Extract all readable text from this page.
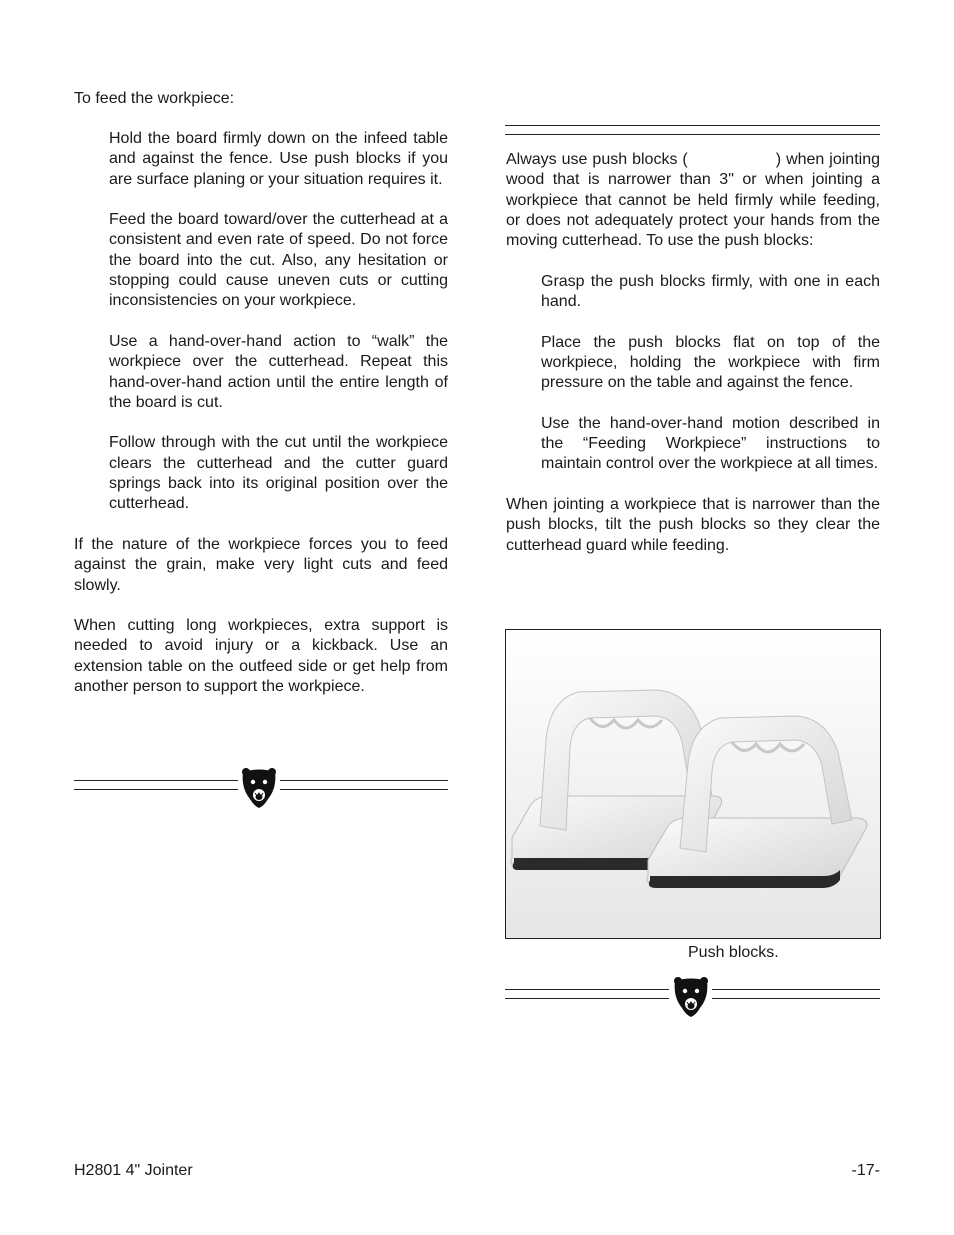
To feed the workpiece:

Hold the board firmly down on the infeed table and against the fence. Use push blocks if you are surface planing or your situation requires it.

Feed the board toward/over the cutterhead at a consistent and even rate of speed. Do not force the board into the cut. Also, any hesitation or stopping could cause uneven cuts or cutting inconsistencies on your workpiece.

Use a hand-over-hand action to “walk” the workpiece over the cutterhead. Repeat this hand-over-hand action until the entire length of the board is cut.

Follow through with the cut until the workpiece clears the cutterhead and the cutter guard springs back into its original position over the cutterhead.

If the nature of the workpiece forces you to feed against the grain, make very light cuts and feed slowly.

When cutting long workpieces, extra support is needed to avoid injury or a kickback. Use an extension table on the outfeed side or get help from another person to support the workpiece.

Always use push blocks (	) when jointing wood that is narrower than 3" or when jointing a workpiece that cannot be held firmly while feeding, or does not adequately protect your hands from the moving cutterhead. To use the push blocks:

Grasp the push blocks firmly, with one in each hand.

Place the push blocks flat on top of the workpiece, holding the workpiece with firm pressure on the table and against the fence.

Use the hand-over-hand motion described in the “Feeding Workpiece” instructions to maintain control over the workpiece at all times.

When jointing a workpiece that is narrower than the push blocks, tilt the push blocks so they clear the cutterhead guard while feeding.

Push blocks.

H2801 4" Jointer	-17-
